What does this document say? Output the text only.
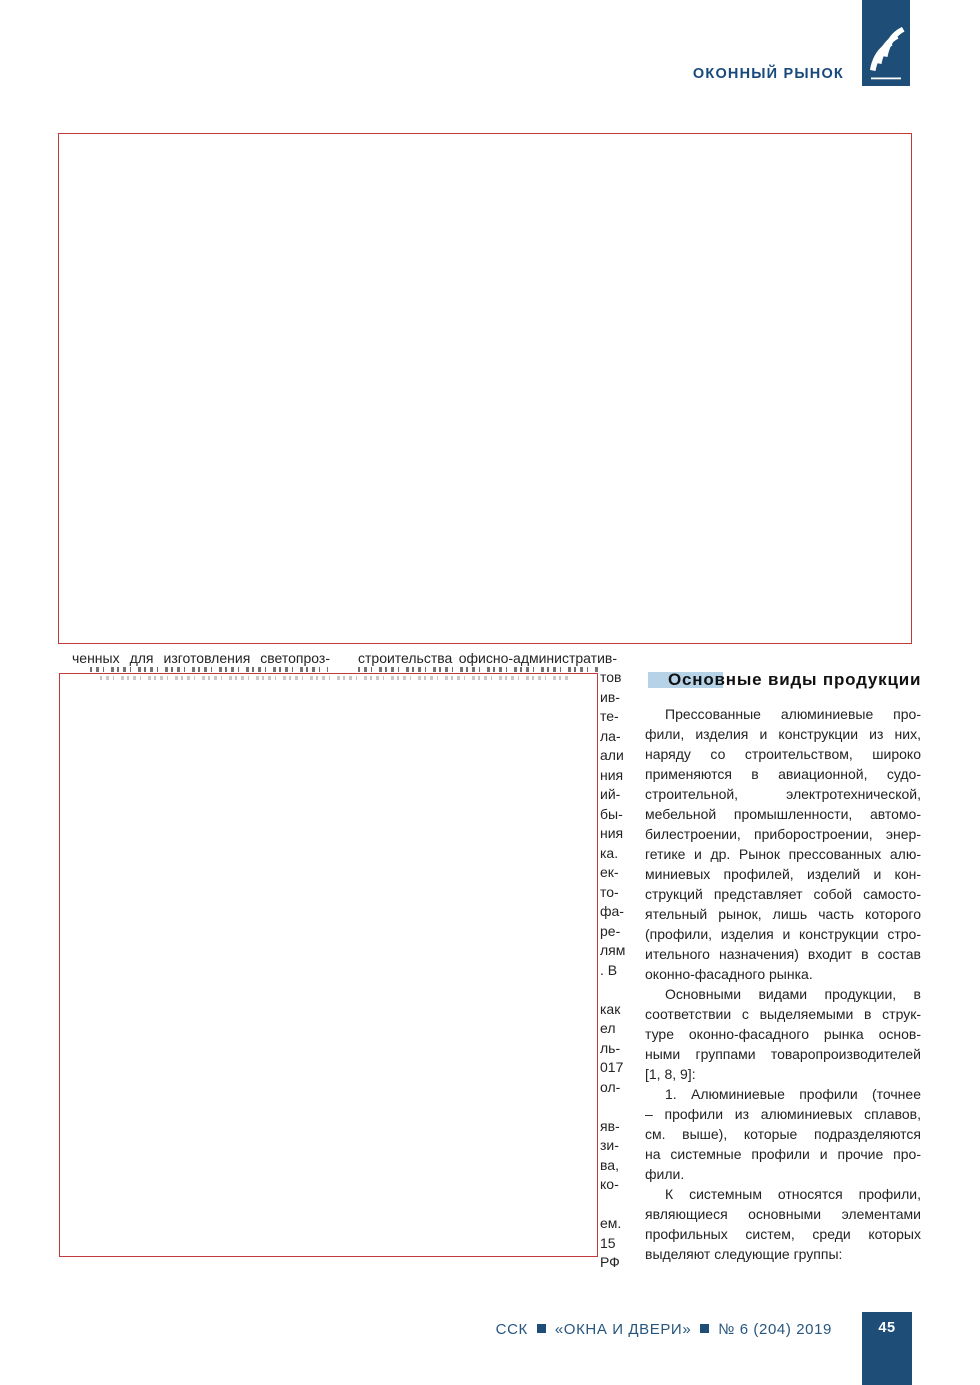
ОКОННЫЙ РЫНОК
ченных для изготовления светопроз- строительства офисно-административ-
тов
ив-
те-
ла-
али
ния
ий-
бы-
ния
ка.
ек-
то-
фа-
ре-
лям
. В
как
ел
ль-
017
ол-
яв-
зи-
ва,
ко-
ем.
15
РФ
Основные виды продукции
Прессованные алюминиевые про-
фили, изделия и конструкции из них,
наряду со строительством, широко
применяются в авиационной, судо-
строительной, электротехнической,
мебельной промышленности, автомо-
билестроении, приборостроении, энер-
гетике и др. Рынок прессованных алю-
миниевых профилей, изделий и кон-
струкций представляет собой самосто-
ятельный рынок, лишь часть которого
(профили, изделия и конструкции стро-
ительного назначения) входит в состав
оконно-фасадного рынка.
Основными видами продукции, в
соответствии с выделяемыми в струк-
туре оконно-фасадного рынка основ-
ными группами товаропроизводителей
[1, 8, 9]:
1. Алюминиевые профили (точнее
– профили из алюминиевых сплавов,
см. выше), которые подразделяются
на системные профили и прочие про-
фили.
К системным относятся профили,
являющиеся основными элементами
профильных систем, среди которых
выделяют следующие группы:
ССК «ОКНА И ДВЕРИ» № 6 (204) 2019	45
